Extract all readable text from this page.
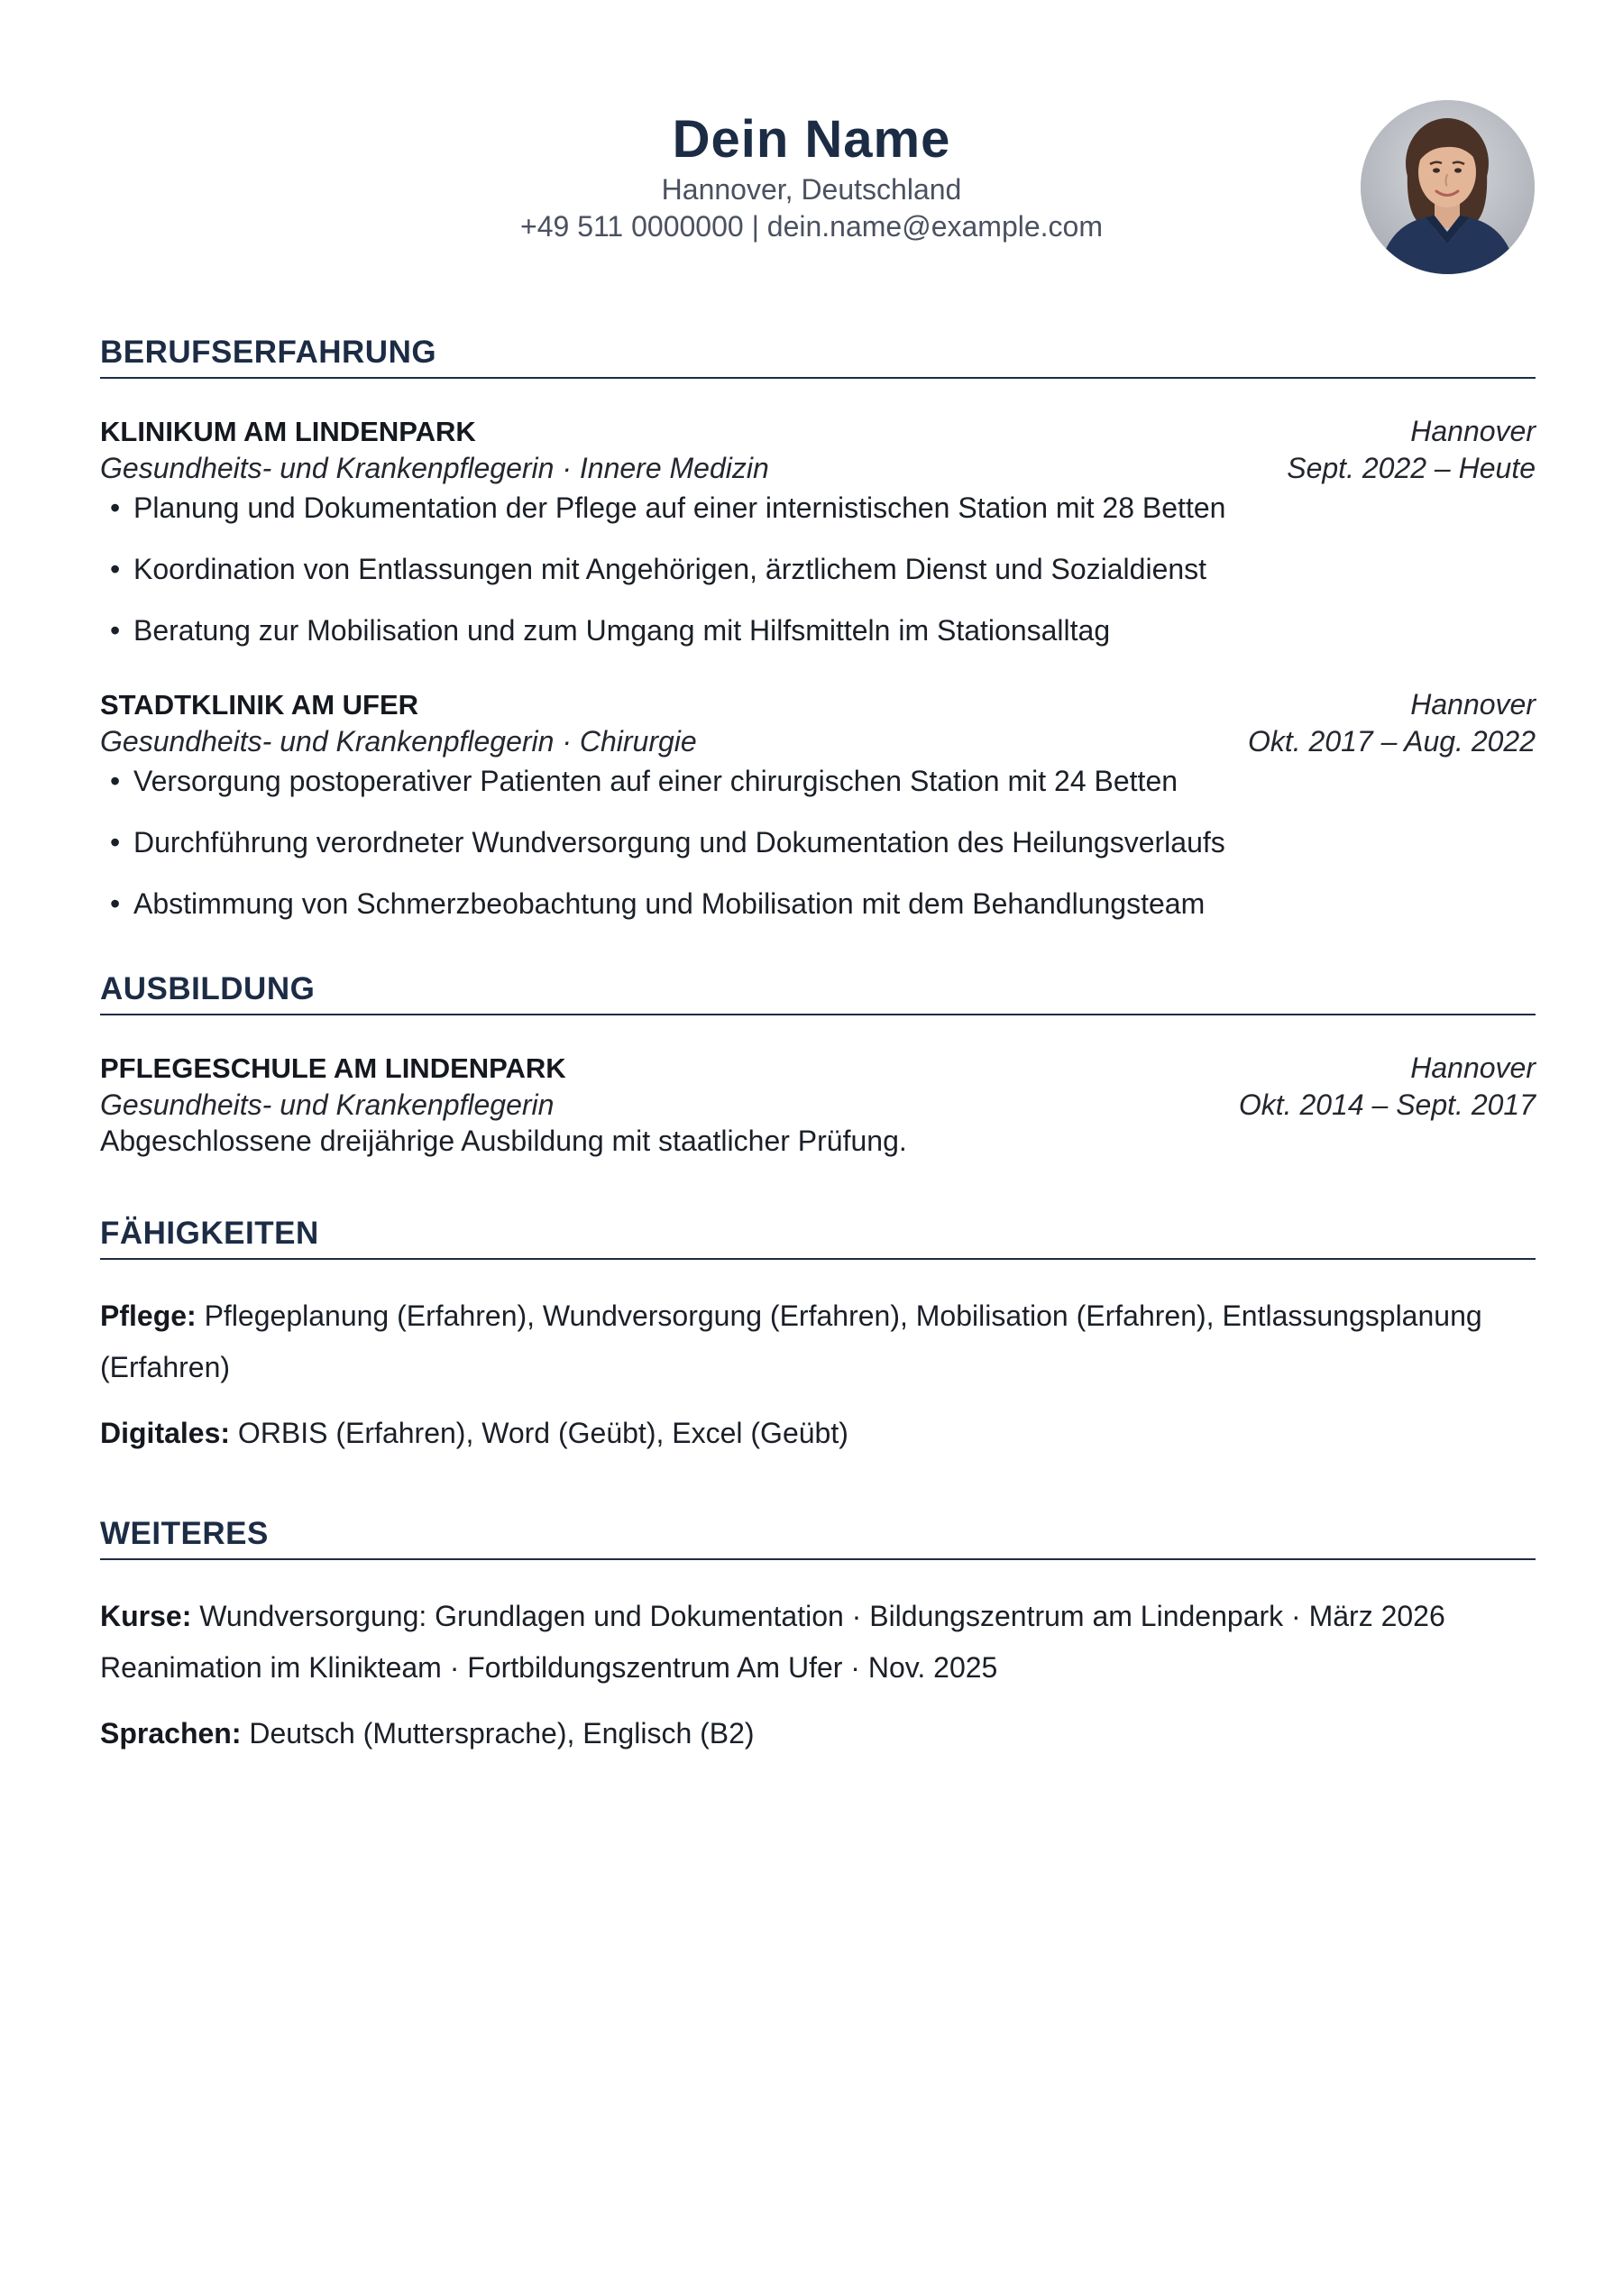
Dein Name
Hannover, Deutschland
+49 511 0000000 | dein.name@example.com
BERUFSERFAHRUNG
KLINIKUM AM LINDENPARK	Hannover
Gesundheits- und Krankenpflegerin · Innere Medizin	Sept. 2022 – Heute
• Planung und Dokumentation der Pflege auf einer internistischen Station mit 28 Betten
• Koordination von Entlassungen mit Angehörigen, ärztlichem Dienst und Sozialdienst
• Beratung zur Mobilisation und zum Umgang mit Hilfsmitteln im Stationsalltag
STADTKLINIK AM UFER	Hannover
Gesundheits- und Krankenpflegerin · Chirurgie	Okt. 2017 – Aug. 2022
• Versorgung postoperativer Patienten auf einer chirurgischen Station mit 24 Betten
• Durchführung verordneter Wundversorgung und Dokumentation des Heilungsverlaufs
• Abstimmung von Schmerzbeobachtung und Mobilisation mit dem Behandlungsteam
AUSBILDUNG
PFLEGESCHULE AM LINDENPARK	Hannover
Gesundheits- und Krankenpflegerin	Okt. 2014 – Sept. 2017
Abgeschlossene dreijährige Ausbildung mit staatlicher Prüfung.
FÄHIGKEITEN
Pflege: Pflegeplanung (Erfahren), Wundversorgung (Erfahren), Mobilisation (Erfahren), Entlassungsplanung (Erfahren)
Digitales: ORBIS (Erfahren), Word (Geübt), Excel (Geübt)
WEITERES
Kurse: Wundversorgung: Grundlagen und Dokumentation · Bildungszentrum am Lindenpark · März 2026
Reanimation im Klinikteam · Fortbildungszentrum Am Ufer · Nov. 2025
Sprachen: Deutsch (Muttersprache), Englisch (B2)
